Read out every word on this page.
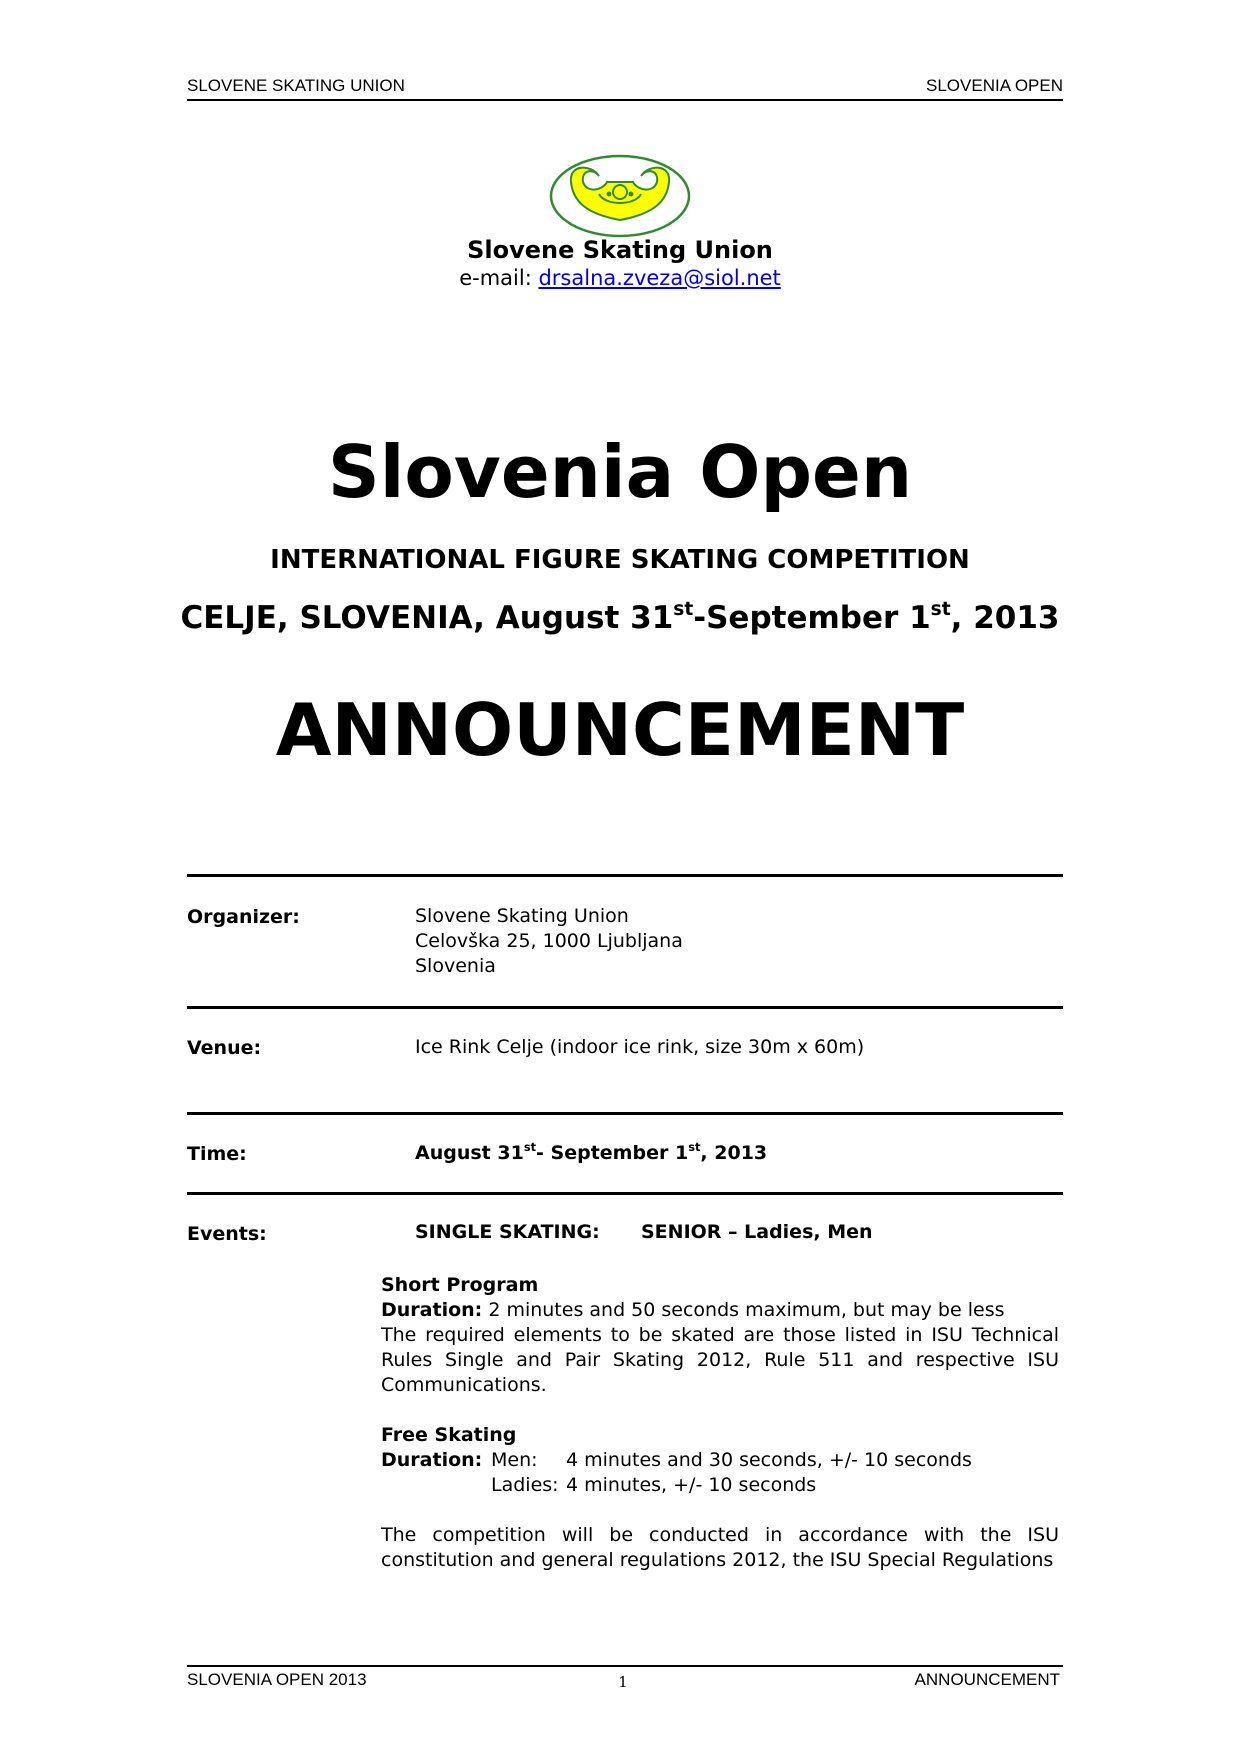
SLOVENE SKATING UNION	SLOVENIA OPEN
Slovene Skating Union
e-mail: drsalna.zveza@siol.net
Slovenia Open
INTERNATIONAL FIGURE SKATING COMPETITION
CELJE, SLOVENIA, August 31st-September 1st, 2013
ANNOUNCEMENT
Organizer:	Slovene Skating Union
Celovška 25, 1000 Ljubljana
Slovenia
Venue:	Ice Rink Celje (indoor ice rink, size 30m x 60m)
Time:	August 31st- September 1st, 2013
Events:	SINGLE SKATING: SENIOR – Ladies, Men
Short Program
Duration: 2 minutes and 50 seconds maximum, but may be less
The required elements to be skated are those listed in ISU Technical Rules Single and Pair Skating 2012, Rule 511 and respective ISU Communications.
Free Skating
Duration: Men: 4 minutes and 30 seconds, +/- 10 seconds
Ladies: 4 minutes, +/- 10 seconds
The competition will be conducted in accordance with the ISU constitution and general regulations 2012, the ISU Special Regulations
SLOVENIA OPEN 2013	1	ANNOUNCEMENT
